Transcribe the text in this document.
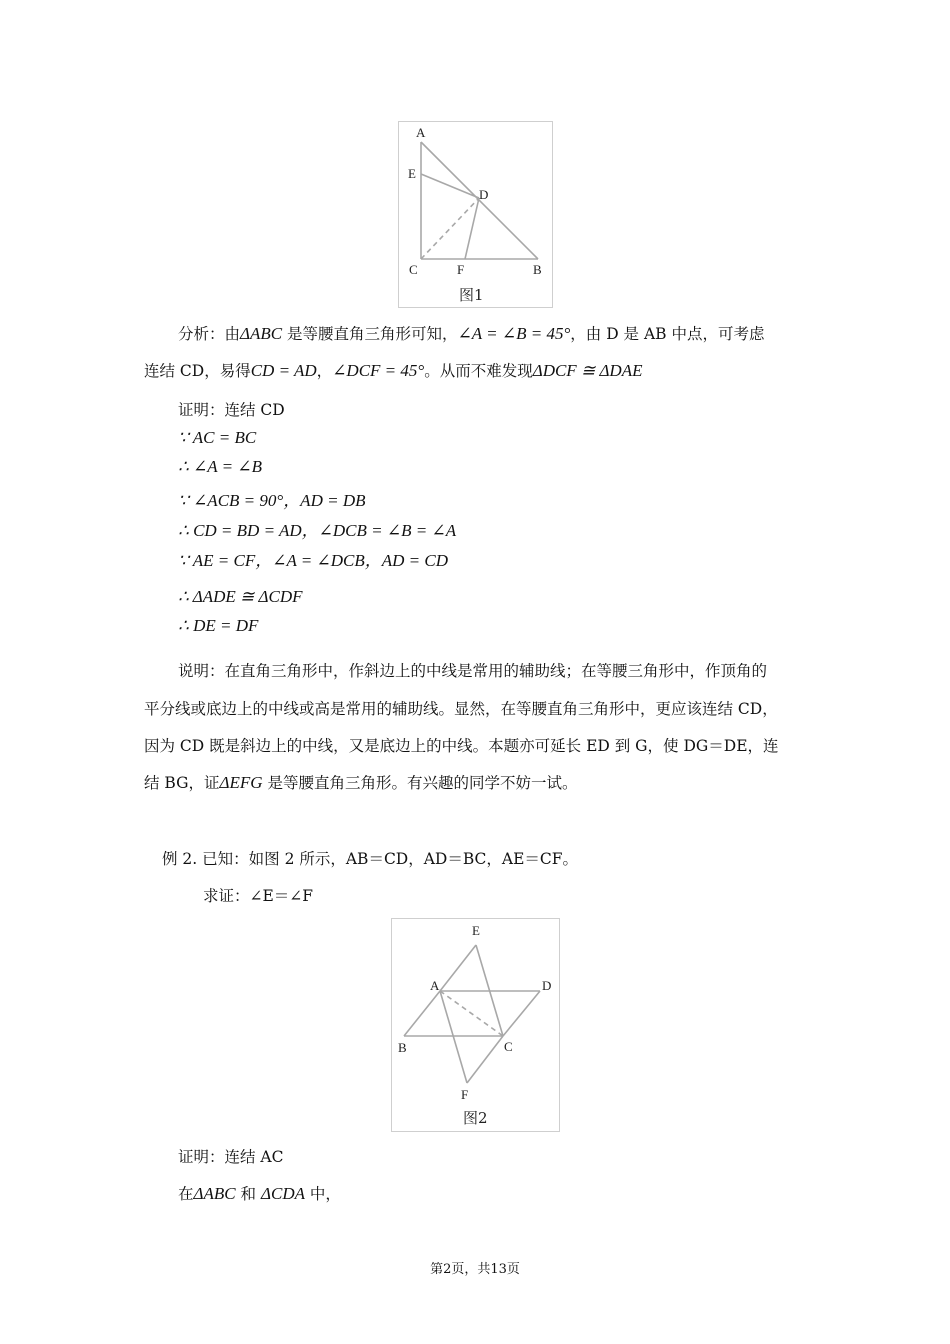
A
E
D
C	F	B
图1
分析：由ΔABC 是等腰直角三角形可知，∠A = ∠B = 45°，由 D 是 AB 中点，可考虑
连结 CD，易得CD = AD，∠DCF = 45°。从而不难发现ΔDCF ≅ ΔDAE
证明：连结 CD
∵ AC = BC
∴ ∠A = ∠B
∵ ∠ACB = 90°，AD = DB
∴ CD = BD = AD，∠DCB = ∠B = ∠A
∵ AE = CF，∠A = ∠DCB，AD = CD
∴ ΔADE ≅ ΔCDF
∴ DE = DF
说明：在直角三角形中，作斜边上的中线是常用的辅助线；在等腰三角形中，作顶角的
平分线或底边上的中线或高是常用的辅助线。显然，在等腰直角三角形中，更应该连结 CD，
因为 CD 既是斜边上的中线，又是底边上的中线。本题亦可延长 ED 到 G，使 DG＝DE，连
结 BG，证ΔEFG 是等腰直角三角形。有兴趣的同学不妨一试。
例 2. 已知：如图 2 所示，AB＝CD，AD＝BC，AE＝CF。
求证：∠E＝∠F
E
A	D
B	C
F
图2
证明：连结 AC
在ΔABC 和 ΔCDA 中，
第2页，共13页
